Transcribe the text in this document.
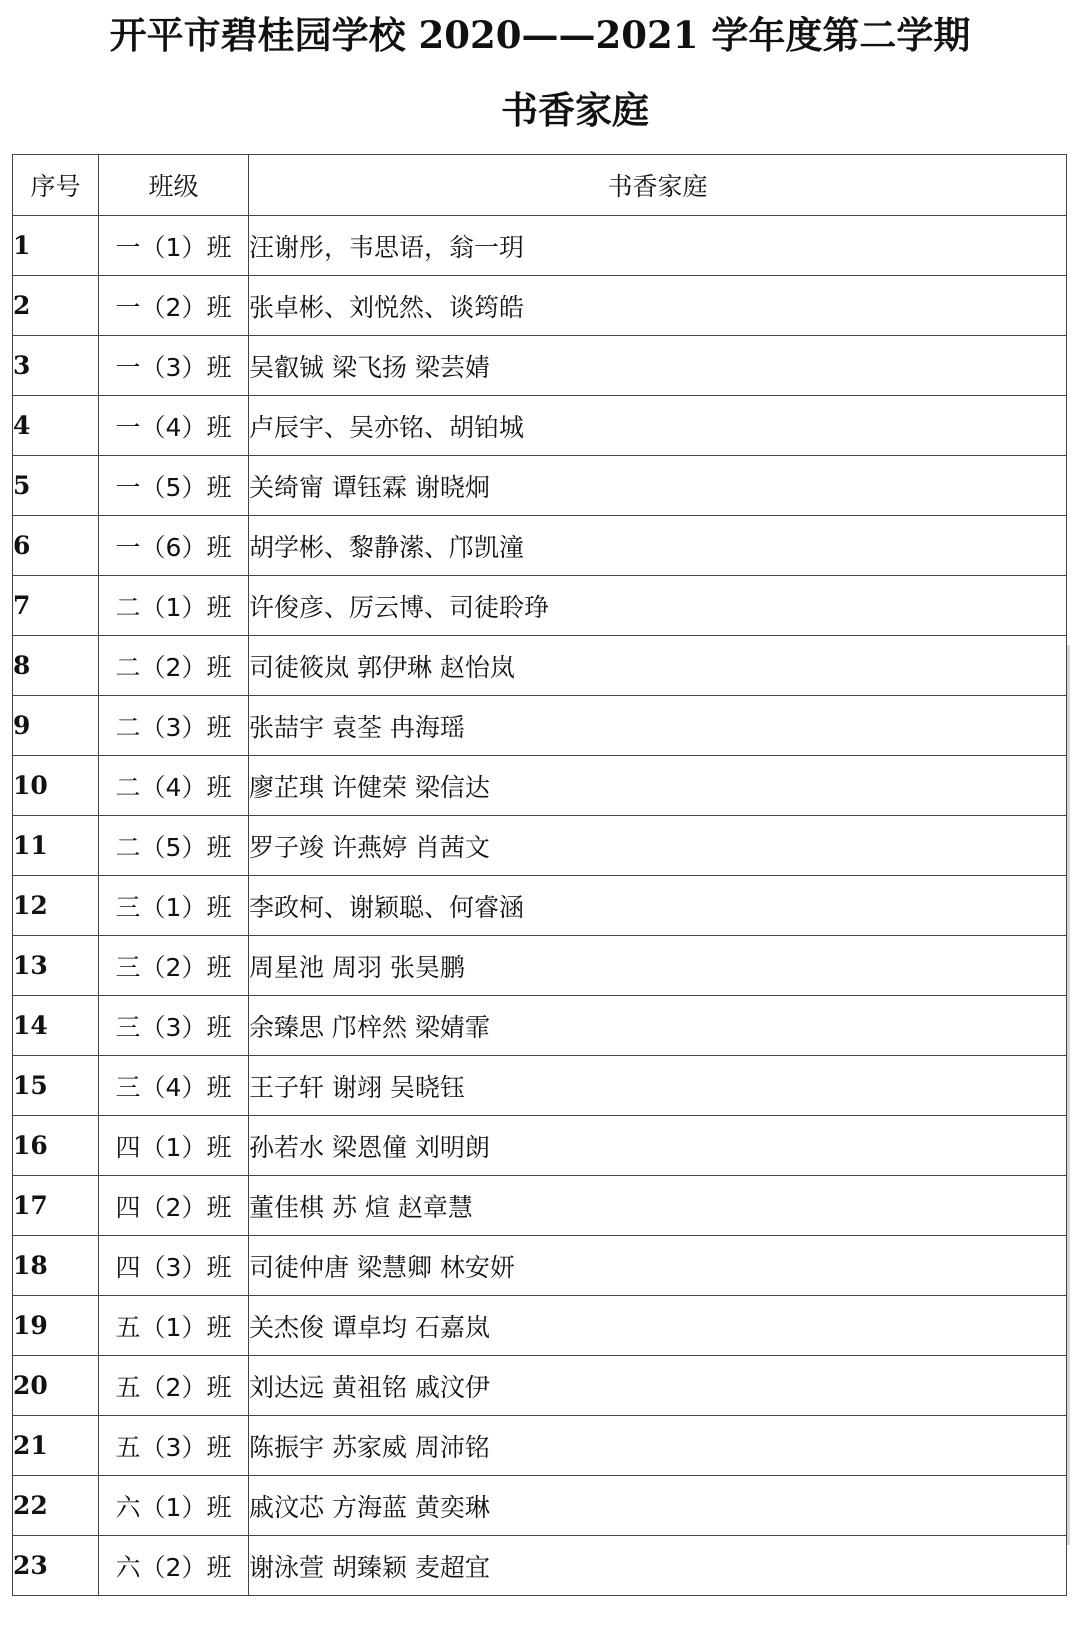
开平市碧桂园学校 2020——2021 学年度第二学期
书香家庭
序号	班级	书香家庭
1	一（1）班	汪谢彤，韦思语，翁一玥
2	一（2）班	张卓彬、刘悦然、谈筠皓
3	一（3）班	吴叡铖 梁飞扬 梁芸婧
4	一（4）班	卢辰宇、吴亦铭、胡铂城
5	一（5）班	关绮甯 谭钰霖 谢晓炯
6	一（6）班	胡学彬、黎静潆、邝凯潼
7	二（1）班	许俊彦、厉云博、司徒聆琤
8	二（2）班	司徒筱岚 郭伊琳 赵怡岚
9	二（3）班	张喆宇 袁荃 冉海瑶
10	二（4）班	廖芷琪 许健荣 梁信达
11	二（5）班	罗子竣 许燕婷 肖茜文
12	三（1）班	李政柯、谢颖聪、何睿涵
13	三（2）班	周星池 周羽 张昊鹏
14	三（3）班	余臻思 邝梓然 梁婧霏
15	三（4）班	王子轩 谢翊 吴晓钰
16	四（1）班	孙若水 梁恩僮 刘明朗
17	四（2）班	董佳棋 苏 煊 赵章慧
18	四（3）班	司徒仲唐 梁慧卿 林安妍
19	五（1）班	关杰俊 谭卓均 石嘉岚
20	五（2）班	刘达远 黄祖铭 戚汶伊
21	五（3）班	陈振宇 苏家威 周沛铭
22	六（1）班	戚汶芯 方海蓝 黄奕琳
23	六（2）班	谢泳萱 胡臻颖 麦超宜
